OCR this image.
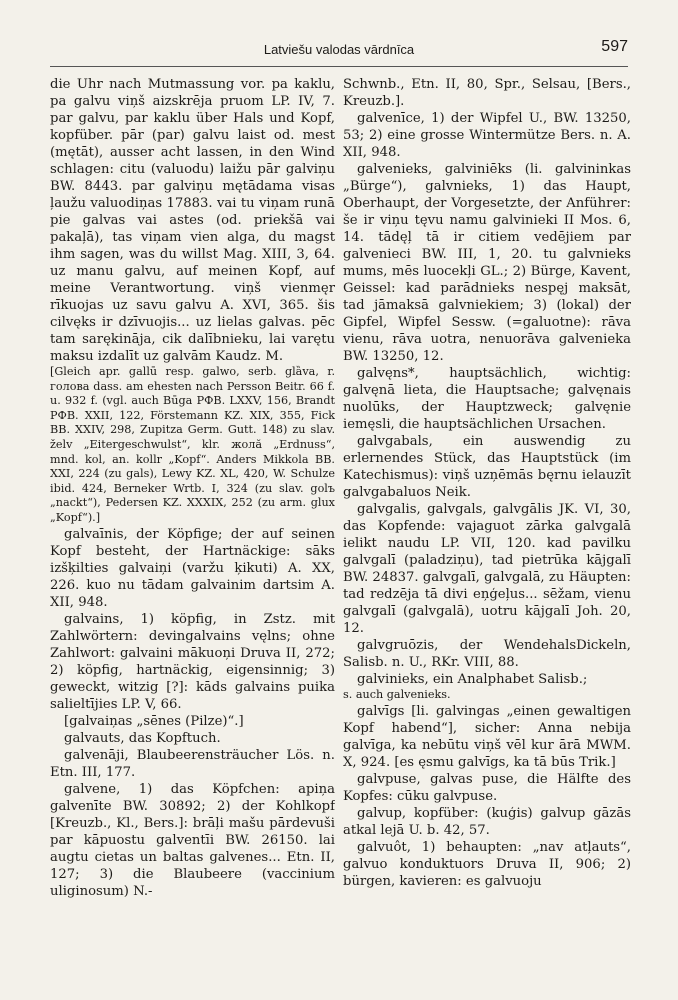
Latviešu valodas vārdnīca	597

die Uhr nach Mutmassung vor. pa kaklu, pa galvu viņš aizskrēja pruom LP. IV, 7. par galvu, par kaklu über Hals und Kopf, kopfüber. pār (par) galvu laist od. mest (mętāt), ausser acht lassen, in den Wind schlagen: citu (valuodu) laižu pār galviņu BW. 8443. par galviņu mętādama visas ļaužu valuodiņas 17883. vai tu viņam runā pie galvas vai astes (od. priekšā vai pakaļā), tas viņam vien alga, du magst ihm sagen, was du willst Mag. XIII, 3, 64. uz manu galvu, auf meinen Kopf, auf meine Verantwortung. viņš vienmęr rīkuojas uz savu galvu A. XVI, 365. šis cilvęks ir dzīvuojis... uz lielas galvas. pēc tam sarękināja, cik dalībnieku, lai varętu maksu izdalīt uz galvām Kaudz. M.

[Gleich apr. gallū resp. galwo, serb. glȁva, r. голова dass. am ehesten nach Persson Beitr. 66 f. u. 932 f. (vgl. auch Būga РФВ. LXXV, 156, Brandt РФВ. XXII, 122, Förstemann KZ. XIX, 355, Fick BB. XXIV, 298, Zupitza Germ. Gutt. 148) zu slav. želv „Eitergeschwulst“, klr. жолӑ „Erdnuss“, mnd. kol, an. kollr „Kopf“. Anders Mikkola BB. XXI, 224 (zu gals), Lewy KZ. XL, 420, W. Schulze ibid. 424, Berneker Wrtb. I, 324 (zu slav. golъ „nackt“), Pedersen KZ. XXXIX, 252 (zu arm. glux „Kopf“).]

galvaīnis, der Köpfige; der auf seinen Kopf besteht, der Hartnäckige: sāks izšķilties galvaiņi (varžu ķikuti) A. XX, 226. kuo nu tādam galvainim dartsim A. XII, 948.

galvains, 1) köpfig, in Zstz. mit Zahlwörtern: devingalvains vęlns; ohne Zahlwort: galvaini mākuoņi Druva II, 272; 2) köpfig, hartnäckig, eigensinnig; 3) geweckt, witzig [?]: kāds galvains puika salieltījies LP. V, 66.

[galvaiņas „sēnes (Pilze)“.]

galvauts, das Kopftuch.

galvenāji, Blaubeerensträucher Lös. n. Etn. III, 177.

galvene, 1) das Köpfchen: apiņa galvenīte BW. 30892; 2) der Kohlkopf [Kreuzb., Kl., Bers.]: brāļi mašu pārdevuši par kāpuostu galventīi BW. 26150. lai augtu cietas un baltas galvenes... Etn. II, 127; 3) die Blaubeere (vaccinium uliginosum) N.-

Schwnb., Etn. II, 80, Spr., Selsau, [Bers., Kreuzb.].

galvenīce, 1) der Wipfel U., BW. 13250, 53; 2) eine grosse Wintermütze Bers. n. A. XII, 948.

galvenieks, galviniēks (li. galvininkas „Bürge“), galvnieks, 1) das Haupt, Oberhaupt, der Vorgesetzte, der Anführer: še ir viņu tęvu namu galvinieki II Mos. 6, 14. tādęļ tā ir citiem vedējiem par galvenieci BW. III, 1, 20. tu galvnieks mums, mēs luocekļi GL.; 2) Bürge, Kavent, Geissel: kad parādnieks nespęj maksāt, tad jāmaksā galvniekiem; 3) (lokal) der Gipfel, Wipfel Sessw. (=galuotne): rāva vienu, rāva uotra, nenuorāva galvenieka BW. 13250, 12.

galvęns*, hauptsächlich, wichtig: galvęnā lieta, die Hauptsache; galvęnais nuolūks, der Hauptzweck; galvęnie iemęsli, die hauptsächlichen Ursachen.

galvgabals, ein auswendig zu erlernendes Stück, das Hauptstück (im Katechismus): viņš uzņēmās bęrnu ielauzīt galvgabaluos Neik.

galvgalis, galvgals, galvgālis JK. VI, 30, das Kopfende: vajaguot zārka galvgalā ielikt naudu LP. VII, 120. kad pavilku galvgalī (paladziņu), tad pietrūka kājgalī BW. 24837. galvgalī, galvgalā, zu Häupten: tad redzēja tā divi eņģeļus... sēžam, vienu galvgalī (galvgalā), uotru kājgalī Joh. 20, 12.

galvgruōzis, der WendehalsDickeln, Salisb. n. U., RKr. VIII, 88.

galvinieks, ein Analphabet Salisb.;

s. auch galvenieks.

galvīgs [li. galvingas „einen gewaltigen Kopf habend“], sicher: Anna nebija galvīga, ka nebūtu viņš vēl kur ārā MWM. X, 924. [es ęsmu galvīgs, ka tā būs Trik.]

galvpuse, galvas puse, die Hälfte des Kopfes: cūku galvpuse.

galvup, kopfüber: (kuģis) galvup gāzās atkal lejā U. b. 42, 57.

galvuôt, 1) behaupten: „nav atļauts“, galvuo konduktuors Druva II, 906; 2) bürgen, kavieren: es galvuoju
